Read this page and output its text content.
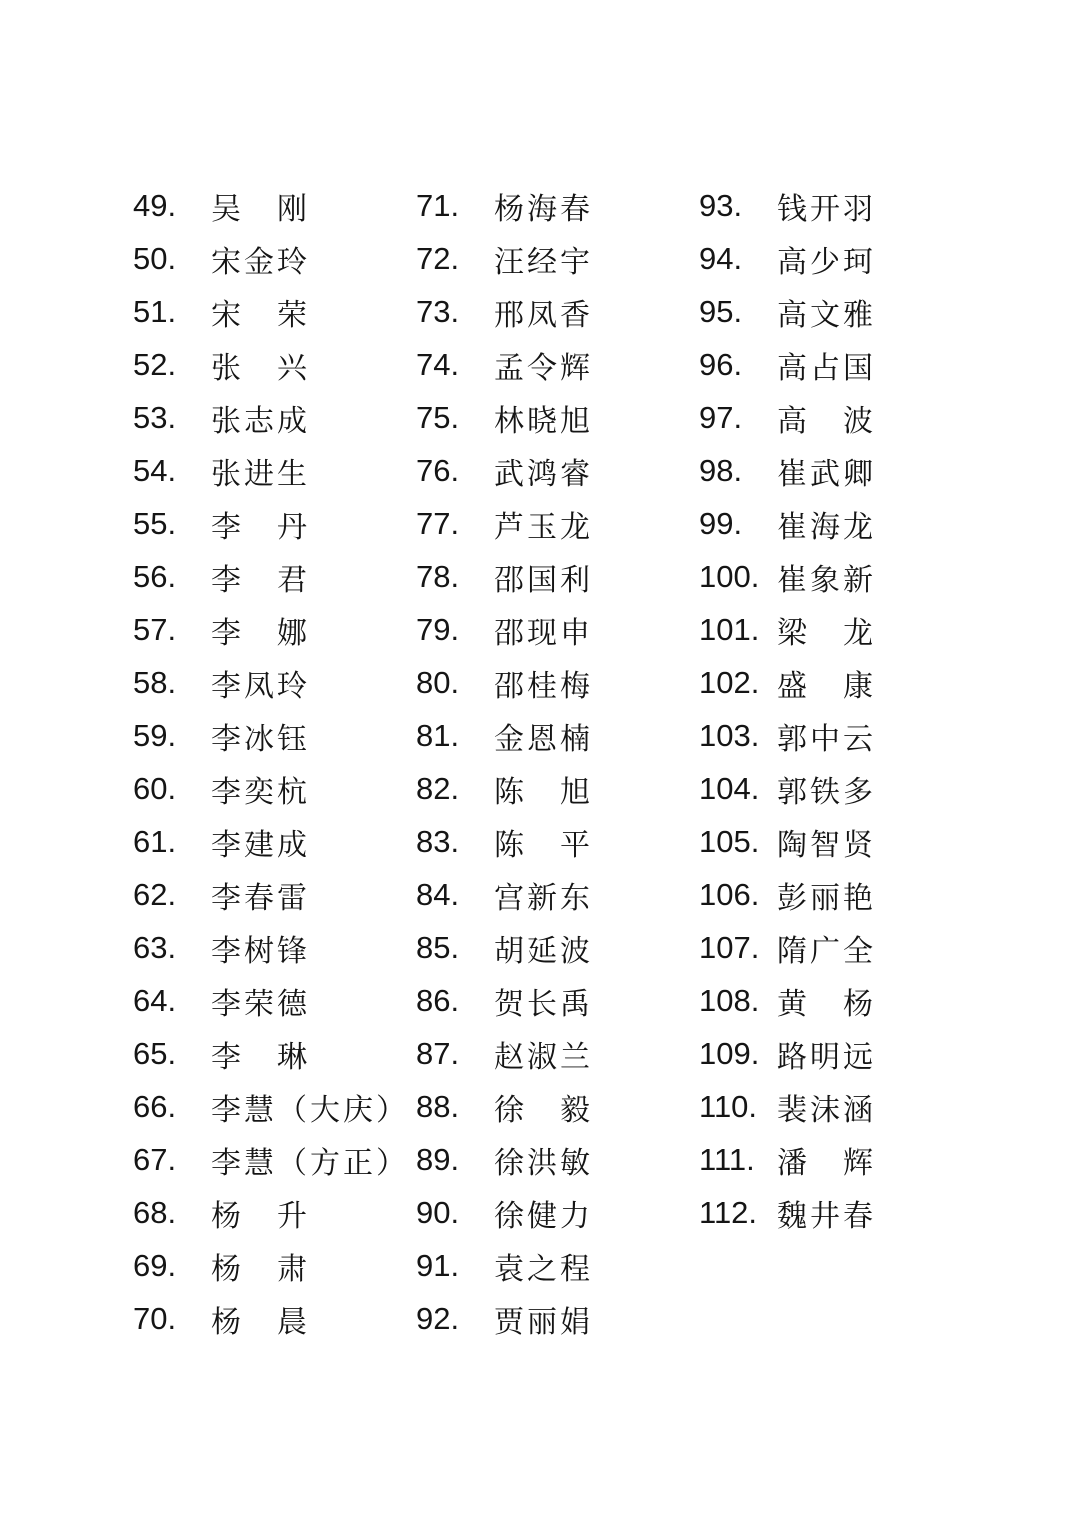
49.	吴　刚
50.	宋金玲
51.	宋　荣
52.	张　兴
53.	张志成
54.	张进生
55.	李　丹
56.	李　君
57.	李　娜
58.	李凤玲
59.	李冰钰
60.	李奕杭
61.	李建成
62.	李春雷
63.	李树锋
64.	李荣德
65.	李　琳
66.	李慧（大庆）
67.	李慧（方正）
68.	杨　升
69.	杨　肃
70.	杨　晨
71.	杨海春
72.	汪经宇
73.	邢凤香
74.	孟令辉
75.	林晓旭
76.	武鸿睿
77.	芦玉龙
78.	邵国利
79.	邵现申
80.	邵桂梅
81.	金恩楠
82.	陈　旭
83.	陈　平
84.	宫新东
85.	胡延波
86.	贺长禹
87.	赵淑兰
88.	徐　毅
89.	徐洪敏
90.	徐健力
91.	袁之程
92.	贾丽娟
93.	钱开羽
94.	高少珂
95.	高文雅
96.	高占国
97.	高　波
98.	崔武卿
99.	崔海龙
100. 崔象新
101. 梁　龙
102. 盛　康
103. 郭中云
104. 郭铁多
105. 陶智贤
106. 彭丽艳
107. 隋广全
108. 黄　杨
109. 路明远
110. 裴沫涵
111. 潘　辉
112. 魏井春
